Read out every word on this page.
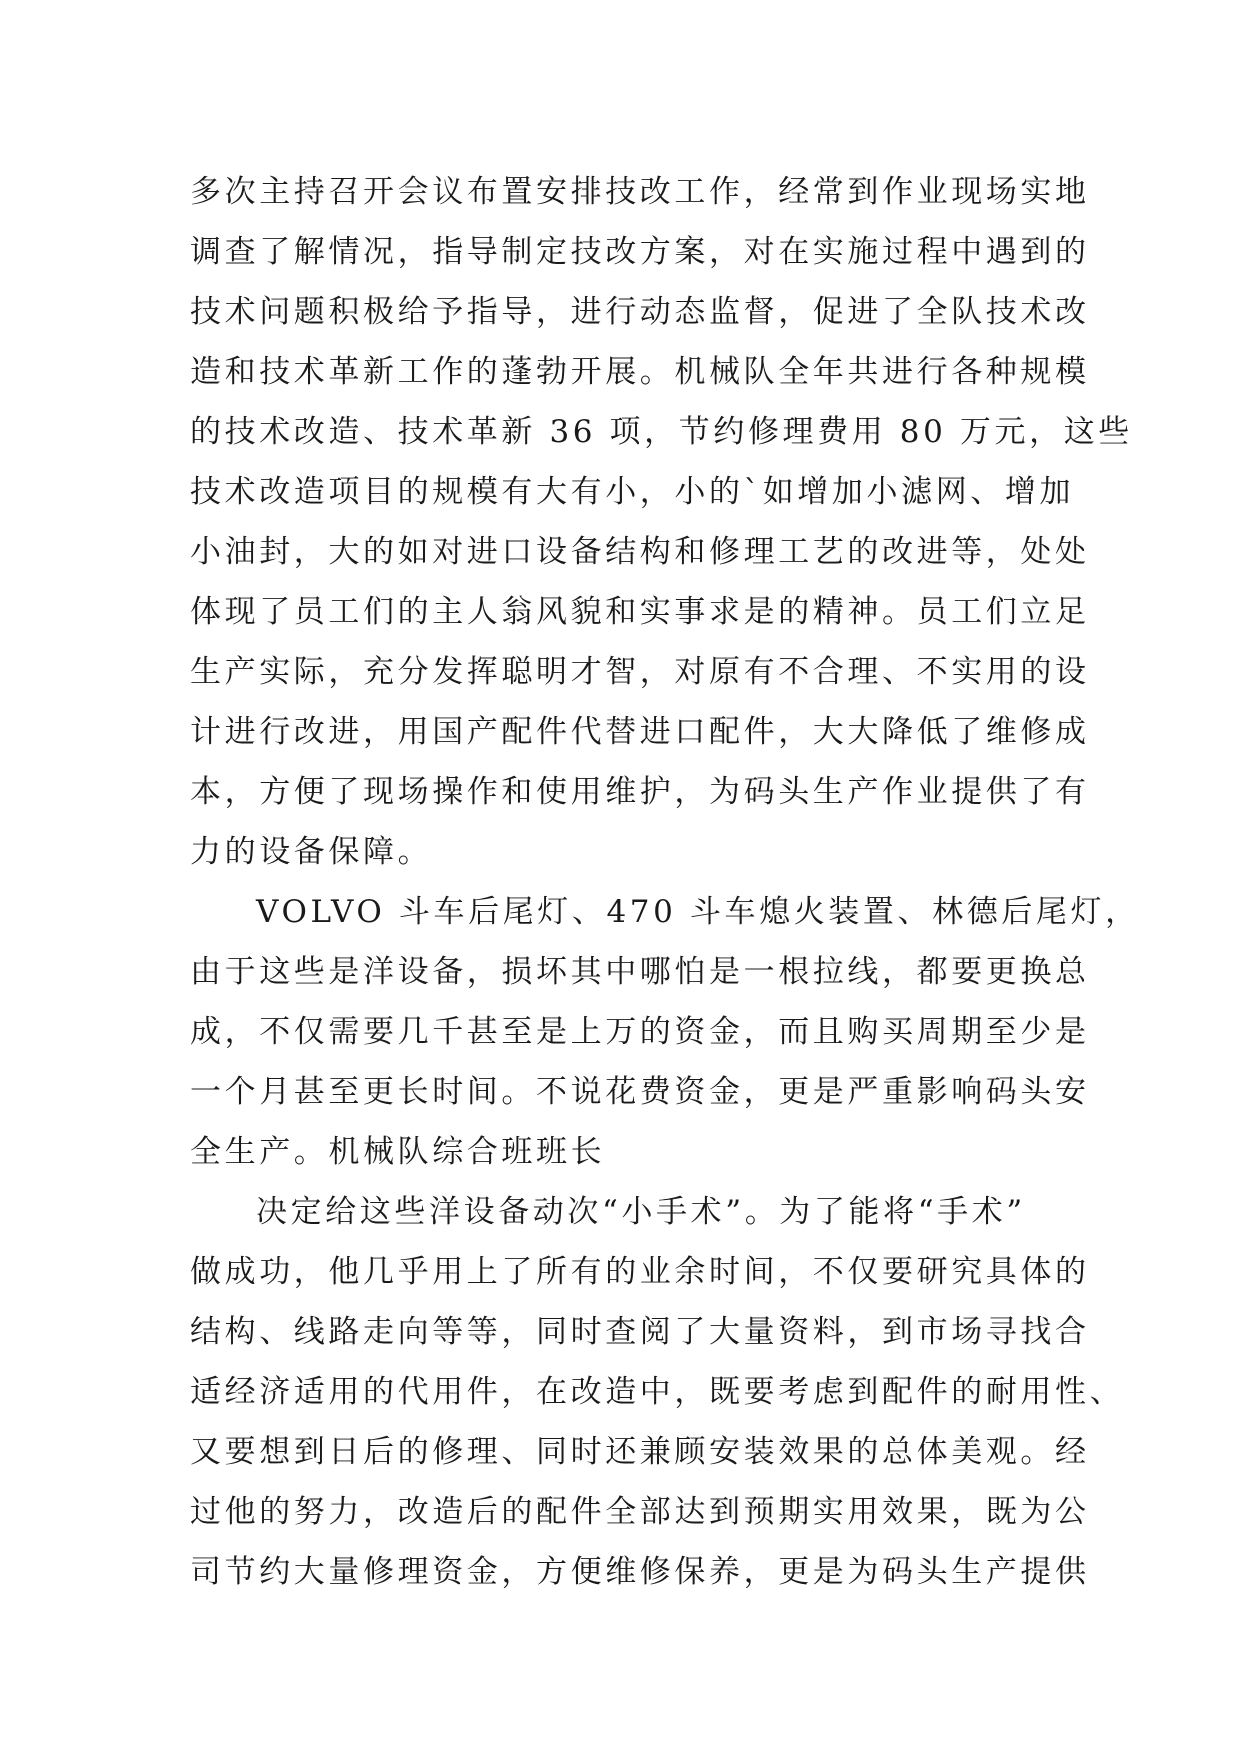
多次主持召开会议布置安排技改工作，经常到作业现场实地
调查了解情况，指导制定技改方案，对在实施过程中遇到的
技术问题积极给予指导，进行动态监督，促进了全队技术改
造和技术革新工作的蓬勃开展。机械队全年共进行各种规模
的技术改造、技术革新 36 项，节约修理费用 80 万元，这些
技术改造项目的规模有大有小，小的`如增加小滤网、增加
小油封，大的如对进口设备结构和修理工艺的改进等，处处
体现了员工们的主人翁风貌和实事求是的精神。员工们立足
生产实际，充分发挥聪明才智，对原有不合理、不实用的设
计进行改进，用国产配件代替进口配件，大大降低了维修成
本，方便了现场操作和使用维护，为码头生产作业提供了有
力的设备保障。

VOLVO 斗车后尾灯、470 斗车熄火装置、林德后尾灯，
由于这些是洋设备，损坏其中哪怕是一根拉线，都要更换总
成，不仅需要几千甚至是上万的资金，而且购买周期至少是
一个月甚至更长时间。不说花费资金，更是严重影响码头安
全生产。机械队综合班班长

决定给这些洋设备动次“小手术”。为了能将“手术”
做成功，他几乎用上了所有的业余时间，不仅要研究具体的
结构、线路走向等等，同时查阅了大量资料，到市场寻找合
适经济适用的代用件，在改造中，既要考虑到配件的耐用性、
又要想到日后的修理、同时还兼顾安装效果的总体美观。经
过他的努力，改造后的配件全部达到预期实用效果，既为公
司节约大量修理资金，方便维修保养，更是为码头生产提供
